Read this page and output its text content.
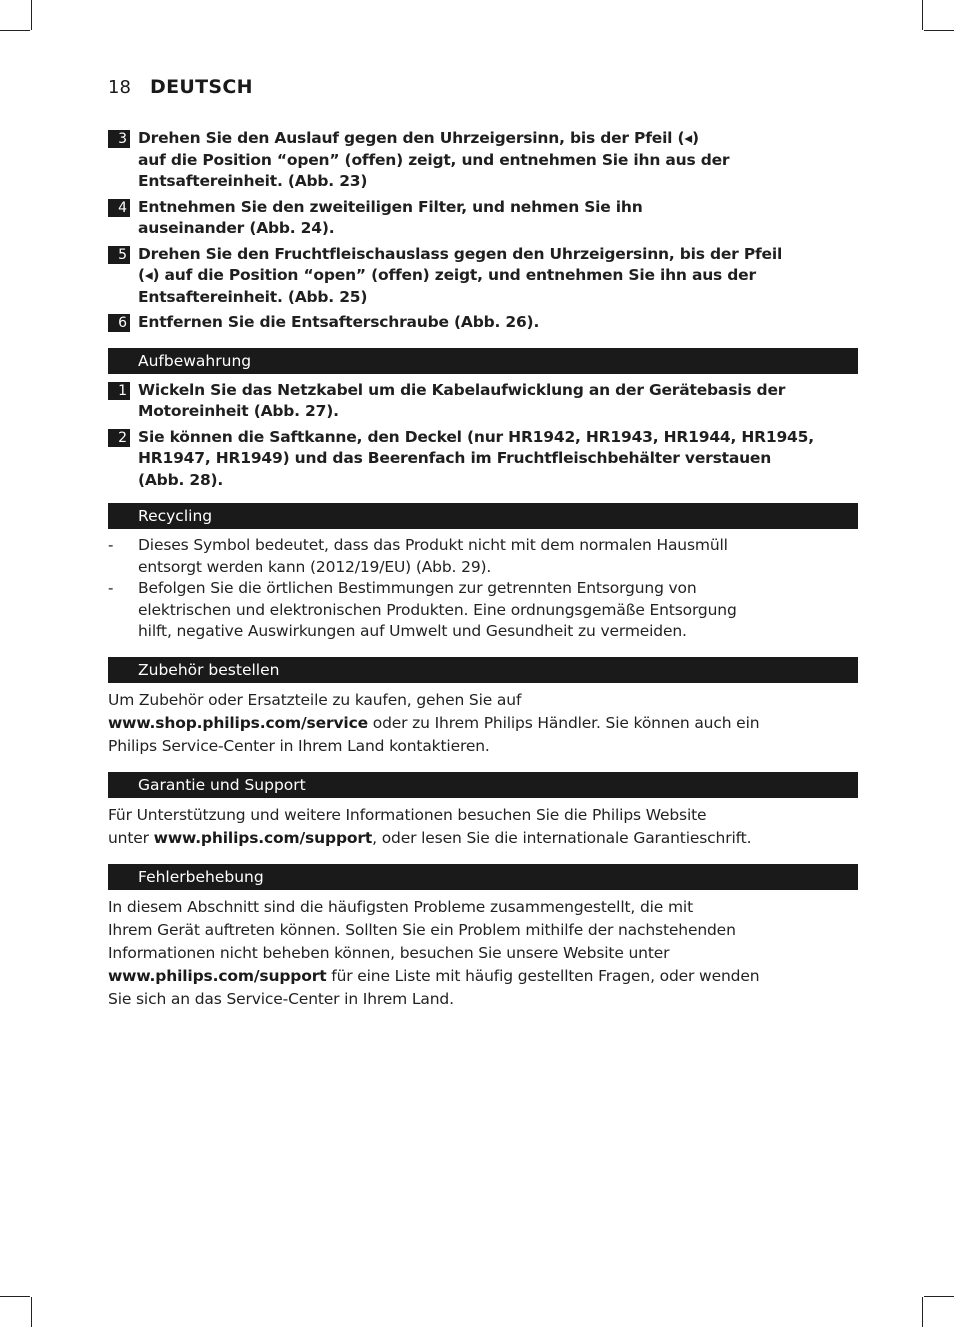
18	DEUTSCH
3 Drehen Sie den Auslauf gegen den Uhrzeigersinn, bis der Pfeil (◂)
auf die Position “open” (offen) zeigt, und entnehmen Sie ihn aus der
Entsaftereinheit. (Abb. 23)
4 Entnehmen Sie den zweiteiligen Filter, und nehmen Sie ihn
auseinander (Abb. 24).
5 Drehen Sie den Fruchtfleischauslass gegen den Uhrzeigersinn, bis der Pfeil
(◂) auf die Position “open” (offen) zeigt, und entnehmen Sie ihn aus der
Entsaftereinheit. (Abb. 25)
6 Entfernen Sie die Entsafterschraube (Abb. 26).
Aufbewahrung
1 Wickeln Sie das Netzkabel um die Kabelaufwicklung an der Gerätebasis der
Motoreinheit (Abb. 27).
2 Sie können die Saftkanne, den Deckel (nur HR1942, HR1943, HR1944, HR1945,
HR1947, HR1949) und das Beerenfach im Fruchtfleischbehälter verstauen
(Abb. 28).
Recycling
-	Dieses Symbol bedeutet, dass das Produkt nicht mit dem normalen Hausmüll
entsorgt werden kann (2012/19/EU) (Abb. 29).
-	Befolgen Sie die örtlichen Bestimmungen zur getrennten Entsorgung von
elektrischen und elektronischen Produkten. Eine ordnungsgemäße Entsorgung
hilft, negative Auswirkungen auf Umwelt und Gesundheit zu vermeiden.
Zubehör bestellen
Um Zubehör oder Ersatzteile zu kaufen, gehen Sie auf
www.shop.philips.com/service oder zu Ihrem Philips Händler. Sie können auch ein
Philips Service-Center in Ihrem Land kontaktieren.
Garantie und Support
Für Unterstützung und weitere Informationen besuchen Sie die Philips Website
unter www.philips.com/support, oder lesen Sie die internationale Garantieschrift.
Fehlerbehebung
In diesem Abschnitt sind die häufigsten Probleme zusammengestellt, die mit
Ihrem Gerät auftreten können. Sollten Sie ein Problem mithilfe der nachstehenden
Informationen nicht beheben können, besuchen Sie unsere Website unter
www.philips.com/support für eine Liste mit häufig gestellten Fragen, oder wenden
Sie sich an das Service-Center in Ihrem Land.
